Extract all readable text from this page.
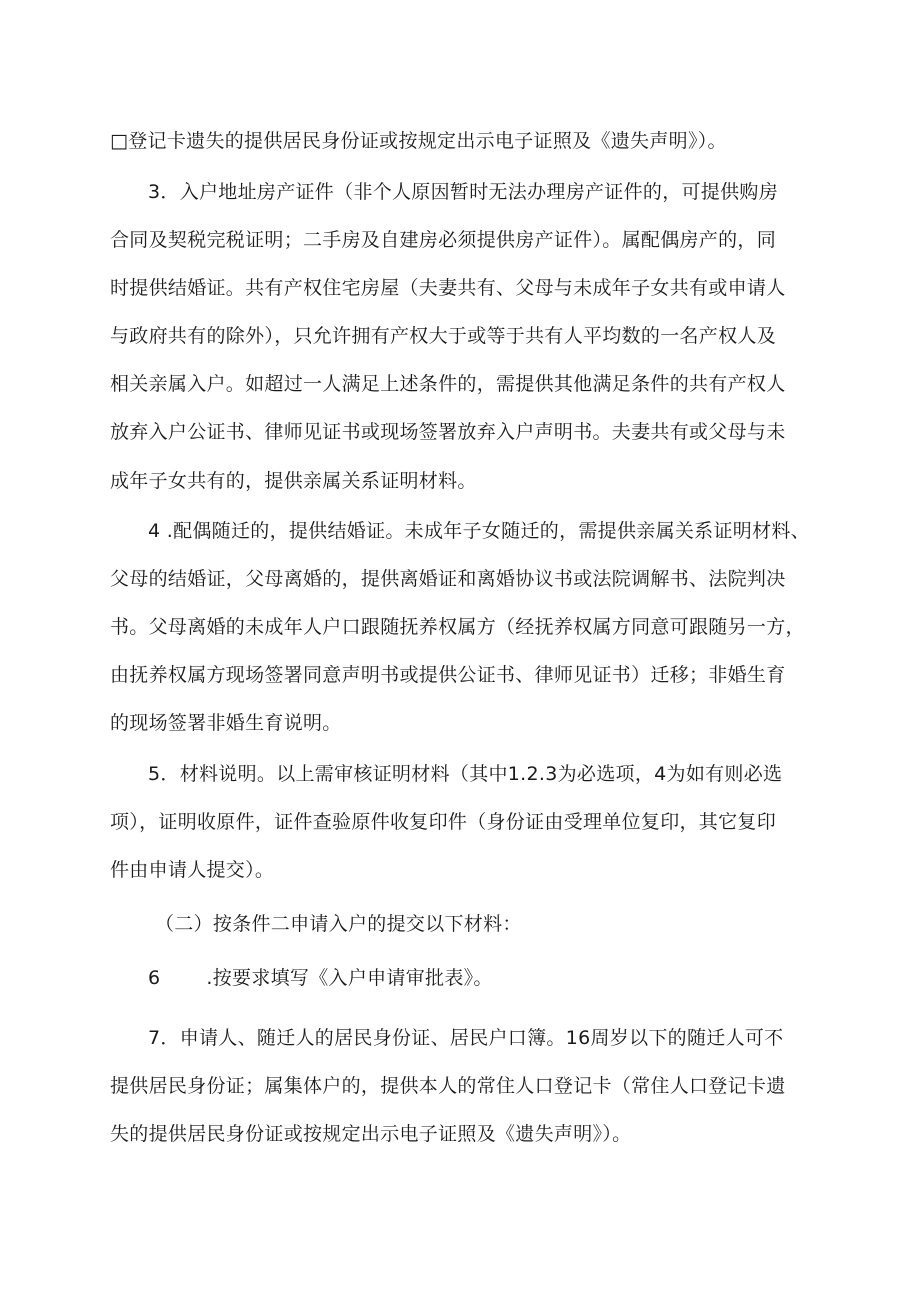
□登记卡遗失的提供居民身份证或按规定出示电子证照及《遗失声明》）。
3．入户地址房产证件（非个人原因暂时无法办理房产证件的，可提供购房
合同及契税完税证明；二手房及自建房必须提供房产证件）。属配偶房产的，同
时提供结婚证。共有产权住宅房屋（夫妻共有、父母与未成年子女共有或申请人
与政府共有的除外），只允许拥有产权大于或等于共有人平均数的一名产权人及
相关亲属入户。如超过一人满足上述条件的，需提供其他满足条件的共有产权人
放弃入户公证书、律师见证书或现场签署放弃入户声明书。夫妻共有或父母与未
成年子女共有的，提供亲属关系证明材料。
4 .配偶随迁的，提供结婚证。未成年子女随迁的，需提供亲属关系证明材料、
父母的结婚证，父母离婚的，提供离婚证和离婚协议书或法院调解书、法院判决
书。父母离婚的未成年人户口跟随抚养权属方（经抚养权属方同意可跟随另一方，
由抚养权属方现场签署同意声明书或提供公证书、律师见证书）迁移；非婚生育
的现场签署非婚生育说明。
5．材料说明。以上需审核证明材料（其中1.2.3为必选项，4为如有则必选
项），证明收原件，证件查验原件收复印件（身份证由受理单位复印，其它复印
件由申请人提交）。
（二）按条件二申请入户的提交以下材料：
6 .按要求填写《入户申请审批表》。
7．申请人、随迁人的居民身份证、居民户口簿。16周岁以下的随迁人可不
提供居民身份证；属集体户的，提供本人的常住人口登记卡（常住人口登记卡遗
失的提供居民身份证或按规定出示电子证照及《遗失声明》）。
